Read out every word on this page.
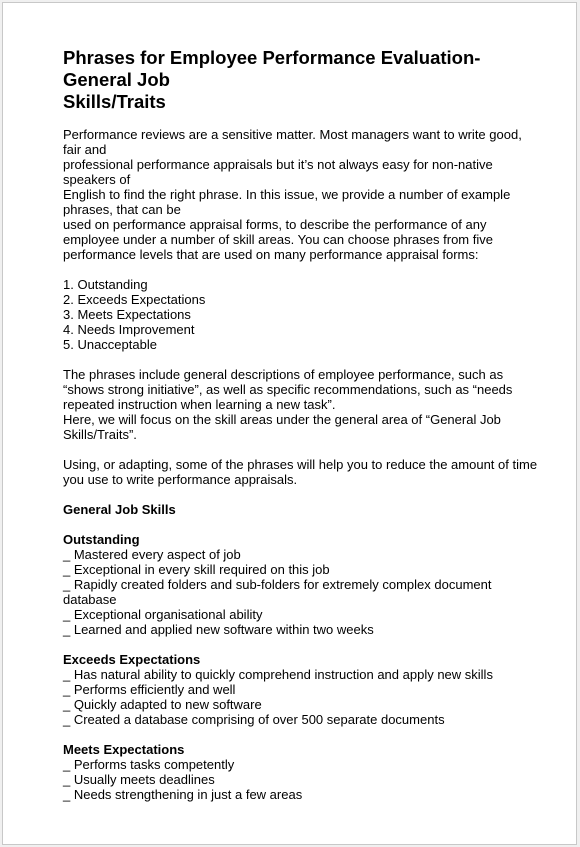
Phrases for Employee Performance Evaluation-
General Job
Skills/Traits
Performance reviews are a sensitive matter. Most managers want to write good,
fair and
professional performance appraisals but it’s not always easy for non-native
speakers of
English to find the right phrase. In this issue, we provide a number of example
phrases, that can be
used on performance appraisal forms, to describe the performance of any
employee under a number of skill areas. You can choose phrases from five
performance levels that are used on many performance appraisal forms:
1. Outstanding
2. Exceeds Expectations
3. Meets Expectations
4. Needs Improvement
5. Unacceptable
The phrases include general descriptions of employee performance, such as
“shows strong initiative”, as well as specific recommendations, such as “needs
repeated instruction when learning a new task”.
Here, we will focus on the skill areas under the general area of “General Job
Skills/Traits”.
Using, or adapting, some of the phrases will help you to reduce the amount of time
you use to write performance appraisals.
General Job Skills
Outstanding
_ Mastered every aspect of job
_ Exceptional in every skill required on this job
_ Rapidly created folders and sub-folders for extremely complex document
database
_ Exceptional organisational ability
_ Learned and applied new software within two weeks
Exceeds Expectations
_ Has natural ability to quickly comprehend instruction and apply new skills
_ Performs efficiently and well
_ Quickly adapted to new software
_ Created a database comprising of over 500 separate documents
Meets Expectations
_ Performs tasks competently
_ Usually meets deadlines
_ Needs strengthening in just a few areas
